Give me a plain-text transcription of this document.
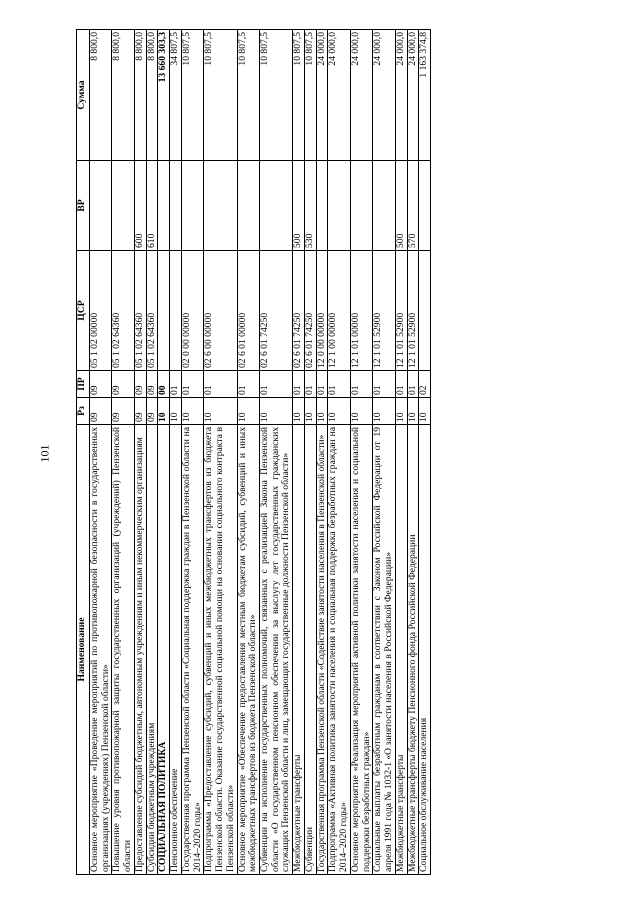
101
Наименование	Рз	ПР	ЦСР	ВР	Сумма
Основное мероприятие «Проведение мероприятий по противопожарной безопасности в государственных организациях (учреждениях) Пензенской области»	09	09	05 1 02 00000		8 800,0
Повышение уровня противопожарной защиты государственных организаций (учреждений) Пензенской области	09	09	05 1 02 64360		8 800,0
Предоставление субсидий бюджетным, автономным учреждениям и иным некоммерческим организациям	09	09	05 1 02 64360	600	8 800,0
Субсидии бюджетным учреждениям	09	09	05 1 02 64360	610	8 800,0
СОЦИАЛЬНАЯ ПОЛИТИКА	10	00			13 660 303,3
Пенсионное обеспечение	10	01			34 807,5
Государственная программа Пензенской области «Социальная поддержка граждан в Пензенской области на 2014–2020 годы»	10	01	02 0 00 00000		10 807,5
Подпрограмма «Предоставление субсидий, субвенций и иных межбюджетных трансфертов из бюджета Пензенской области. Оказание государственной социальной помощи на основании социального контракта в Пензенской области»	10	01	02 6 00 00000		10 807,5
Основное мероприятие «Обеспечение предоставления местным бюджетам субсидий, субвенций и иных межбюджетных трансфертов из бюджета Пензенской области»	10	01	02 6 01 00000		10 807,5
Субвенции на исполнение государственных полномочий, связанных с реализацией Закона Пензенской области «О государственном пенсионном обеспечении за выслугу лет государственных гражданских служащих Пензенской области и лиц, замещающих государственные должности Пензенской области»	10	01	02 6 01 74250		10 807,5
Межбюджетные трансферты	10	01	02 6 01 74250	500	10 807,5
Субвенции	10	01	02 6 01 74250	530	10 807,5
Государственная программа Пензенской области «Содействие занятости населения в Пензенской области»	10	01	12 0 00 00000		24 000,0
Подпрограмма «Активная политика занятости населения и социальная поддержка безработных граждан на 2014–2020 годы»	10	01	12 1 00 00000		24 000,0
Основное мероприятие «Реализация мероприятий активной политики занятости населения и социальной поддержки безработных граждан»	10	01	12 1 01 00000		24 000,0
Социальные выплаты безработным гражданам в соответствии с Законом Российской Федерации от 19 апреля 1991 года № 1032-1 «О занятости населения в Российской Федерации»	10	01	12 1 01 52900		24 000,0
Межбюджетные трансферты	10	01	12 1 01 52900	500	24 000,0
Межбюджетные трансферты бюджету Пенсионного фонда Российской Федерации	10	01	12 1 01 52900	570	24 000,0
Социальное обслуживание населения	10	02			1 163 374,8
